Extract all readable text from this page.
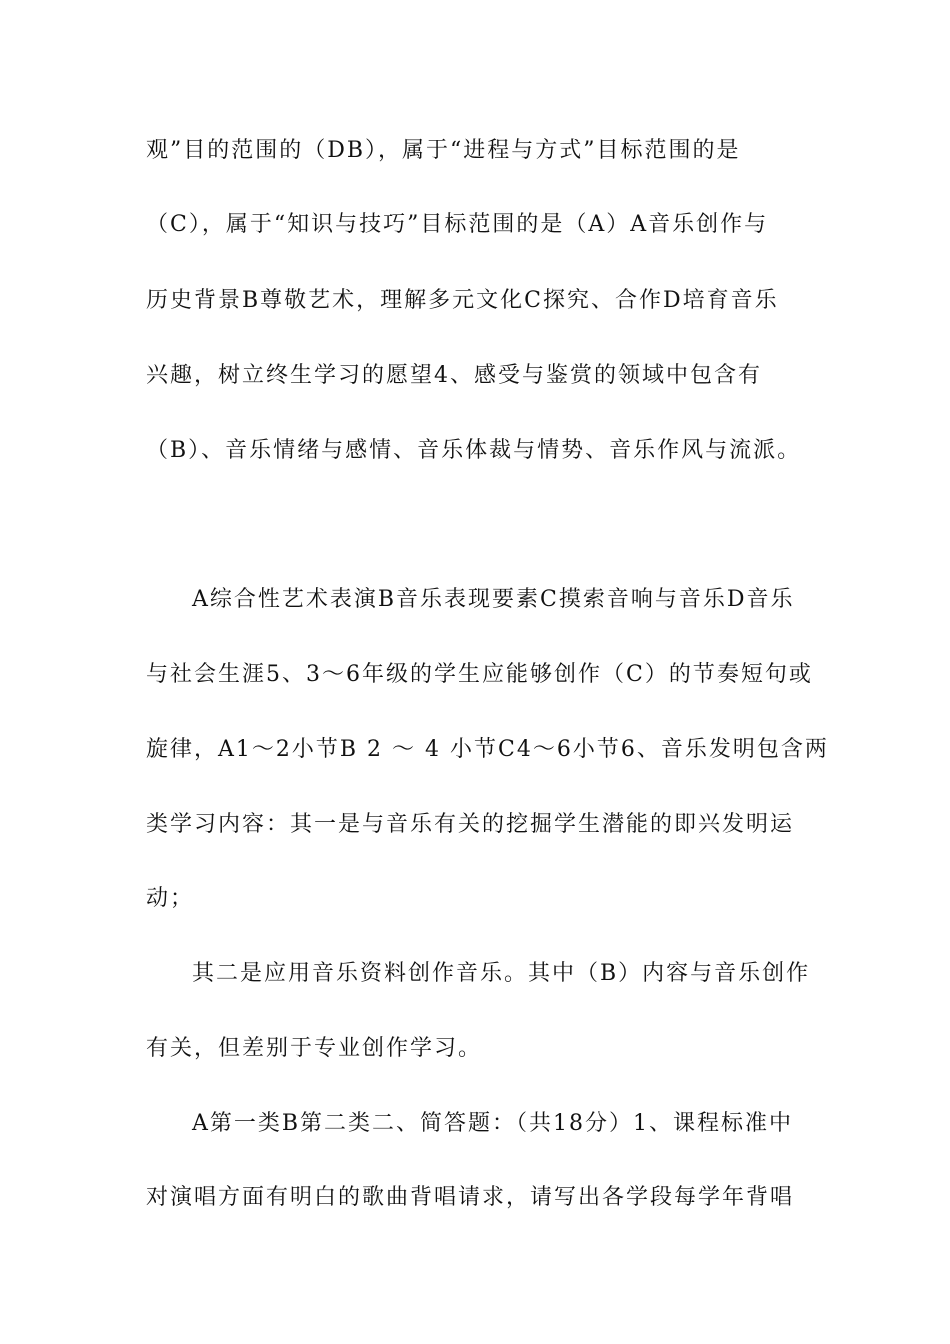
观”目的范围的（DB），属于“进程与方式”目标范围的是
（C），属于“知识与技巧”目标范围的是（A）A音乐创作与
历史背景B尊敬艺术，理解多元文化C探究、合作D培育音乐
兴趣，树立终生学习的愿望4、感受与鉴赏的领域中包含有
（B）、音乐情绪与感情、音乐体裁与情势、音乐作风与流派。
A综合性艺术表演B音乐表现要素C摸索音响与音乐D音乐
与社会生涯5、3～6年级的学生应能够创作（C）的节奏短句或
旋律，A1～2小节B 2 ～ 4 小节C4～6小节6、音乐发明包含两
类学习内容：其一是与音乐有关的挖掘学生潜能的即兴发明运
动；
其二是应用音乐资料创作音乐。其中（B）内容与音乐创作
有关，但差别于专业创作学习。
A第一类B第二类二、简答题：（共18分）1、课程标准中
对演唱方面有明白的歌曲背唱请求，请写出各学段每学年背唱
